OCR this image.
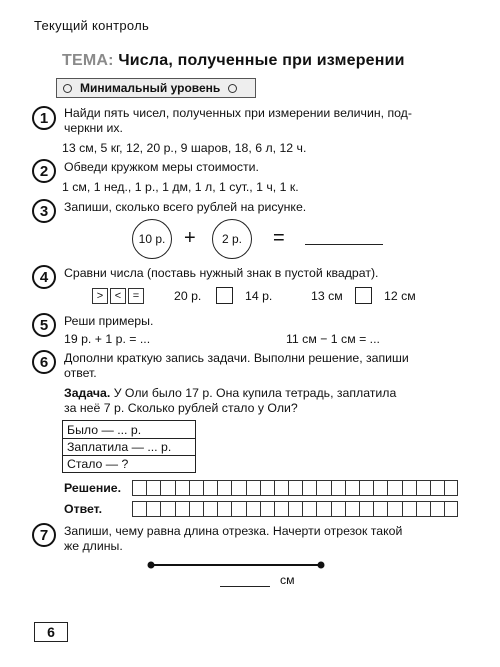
Текущий контроль
ТЕМА: Числа, полученные при измерении
Минимальный уровень
1	Найди пять чисел, полученных при измерении величин, под-
черкни их.
13 см, 5 кг, 12, 20 р., 9 шаров, 18, 6 л, 12 ч.
2	Обведи кружком меры стоимости.
1 см, 1 нед., 1 р., 1 дм, 1 л, 1 сут., 1 ч, 1 к.
3	Запиши, сколько всего рублей на рисунке.
10 р. +	2 р.	=
4	Сравни числа (поставь нужный знак в пустой квадрат).
>	<	=	20 р.	14 р.	13 см	12 см
5	Реши примеры.
19 р. + 1 р. = ...	11 см − 1 см = ...
6	Дополни краткую запись задачи. Выполни решение, запиши
ответ.
Задача. У Оли было 17 р. Она купила тетрадь, заплатила
за неё 7 р. Сколько рублей стало у Оли?
Было — ... р.
Заплатила — ... р.
Стало — ?
Решение.
Ответ.
7	Запиши, чему равна длина отрезка. Начерти отрезок такой
же длины.
см
6
